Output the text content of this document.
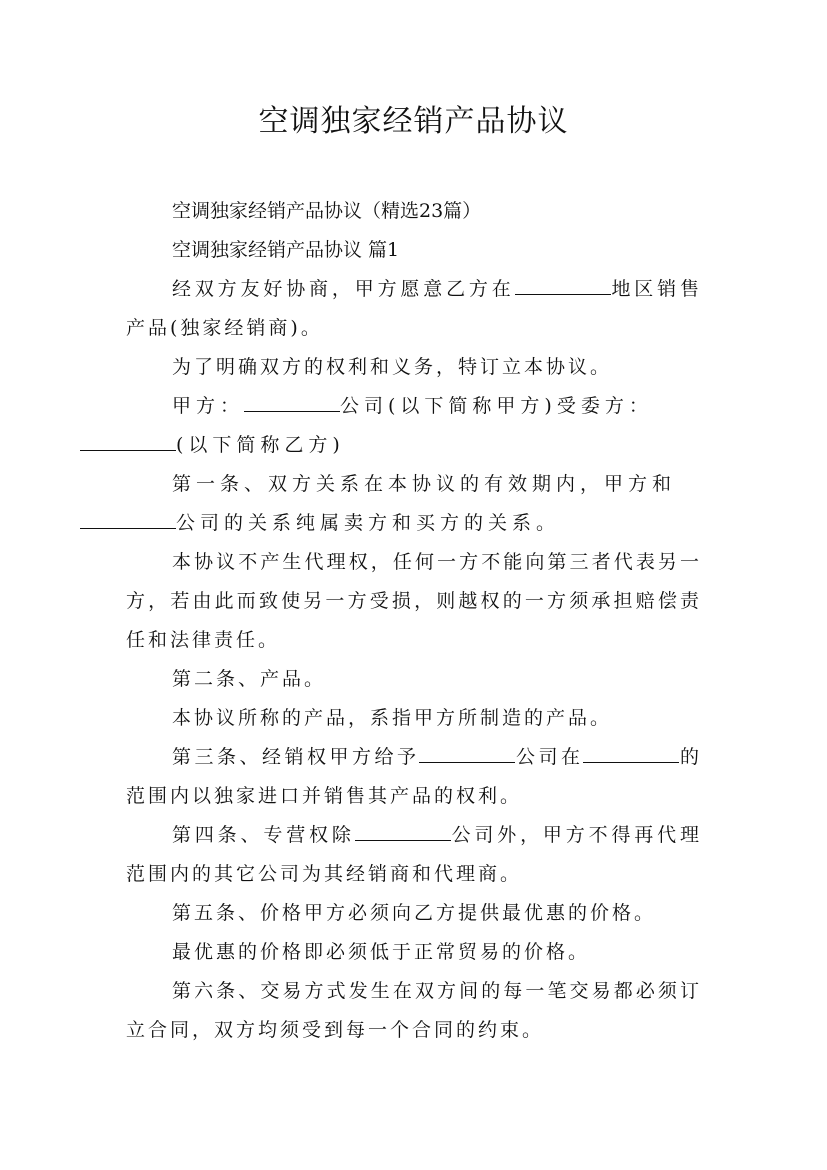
空调独家经销产品协议

空调独家经销产品协议（精选23篇）

空调独家经销产品协议 篇1

经双方友好协商，甲方愿意乙方在	地区销售产品(独家经销商)。

为了明确双方的权利和义务，特订立本协议。

甲方：	公司(以下简称甲方)受委方：
(以下简称乙方)

第一条、双方关系在本协议的有效期内，甲方和
公司的关系纯属卖方和买方的关系。

本协议不产生代理权，任何一方不能向第三者代表另一方，若由此而致使另一方受损，则越权的一方须承担赔偿责任和法律责任。

第二条、产品。

本协议所称的产品，系指甲方所制造的产品。

第三条、经销权甲方给予	公司在	的范围内以独家进口并销售其产品的权利。

第四条、专营权除	公司外，甲方不得再代理范围内的其它公司为其经销商和代理商。

第五条、价格甲方必须向乙方提供最优惠的价格。

最优惠的价格即必须低于正常贸易的价格。

第六条、交易方式发生在双方间的每一笔交易都必须订立合同，双方均须受到每一个合同的约束。
